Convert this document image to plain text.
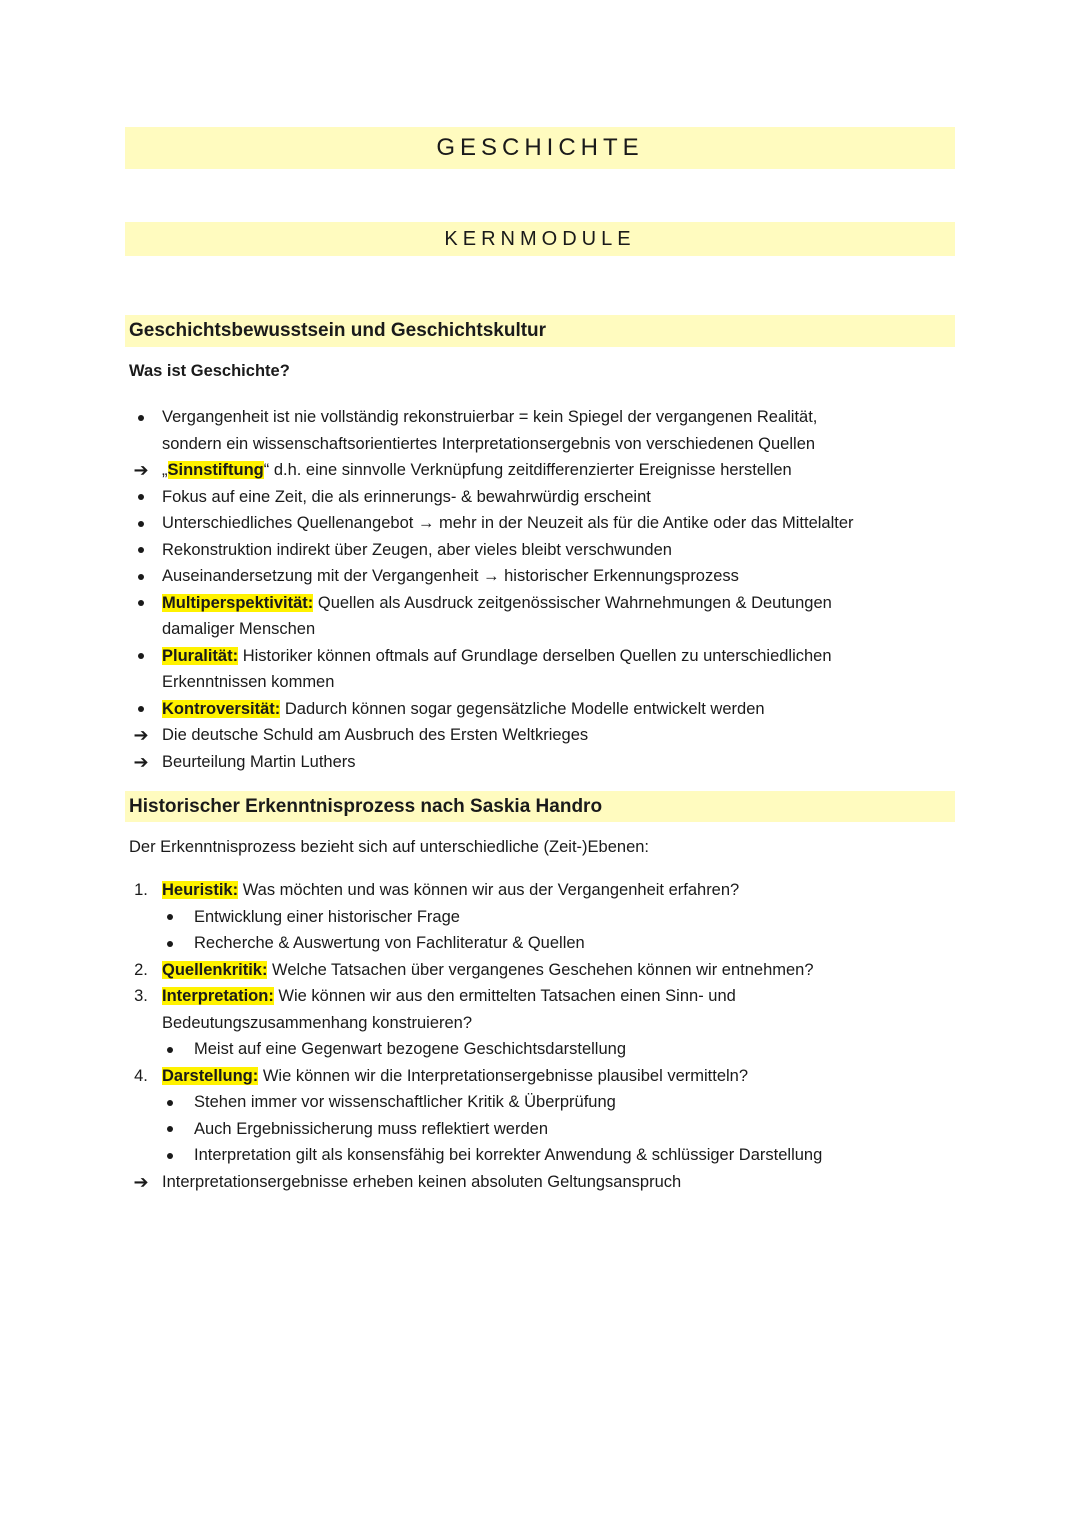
GESCHICHTE
KERNMODULE
Geschichtsbewusstsein und Geschichtskultur
Was ist Geschichte?
Vergangenheit ist nie vollständig rekonstruierbar = kein Spiegel der vergangenen Realität,
sondern ein wissenschaftsorientiertes Interpretationsergebnis von verschiedenen Quellen
➔ „Sinnstiftung“ d.h. eine sinnvolle Verknüpfung zeitdifferenzierter Ereignisse herstellen
Fokus auf eine Zeit, die als erinnerungs- & bewahrwürdig erscheint
Unterschiedliches Quellenangebot → mehr in der Neuzeit als für die Antike oder das Mittelalter
Rekonstruktion indirekt über Zeugen, aber vieles bleibt verschwunden
Auseinandersetzung mit der Vergangenheit → historischer Erkennungsprozess
Multiperspektivität: Quellen als Ausdruck zeitgenössischer Wahrnehmungen & Deutungen
damaliger Menschen
Pluralität: Historiker können oftmals auf Grundlage derselben Quellen zu unterschiedlichen
Erkenntnissen kommen
Kontroversität: Dadurch können sogar gegensätzliche Modelle entwickelt werden
➔ Die deutsche Schuld am Ausbruch des Ersten Weltkrieges
➔ Beurteilung Martin Luthers
Historischer Erkenntnisprozess nach Saskia Handro
Der Erkenntnisprozess bezieht sich auf unterschiedliche (Zeit-)Ebenen:
1. Heuristik: Was möchten und was können wir aus der Vergangenheit erfahren?
Entwicklung einer historischer Frage
Recherche & Auswertung von Fachliteratur & Quellen
2. Quellenkritik: Welche Tatsachen über vergangenes Geschehen können wir entnehmen?
3. Interpretation: Wie können wir aus den ermittelten Tatsachen einen Sinn- und
Bedeutungszusammenhang konstruieren?
Meist auf eine Gegenwart bezogene Geschichtsdarstellung
4. Darstellung: Wie können wir die Interpretationsergebnisse plausibel vermitteln?
Stehen immer vor wissenschaftlicher Kritik & Überprüfung
Auch Ergebnissicherung muss reflektiert werden
Interpretation gilt als konsensfähig bei korrekter Anwendung & schlüssiger Darstellung
➔ Interpretationsergebnisse erheben keinen absoluten Geltungsanspruch
